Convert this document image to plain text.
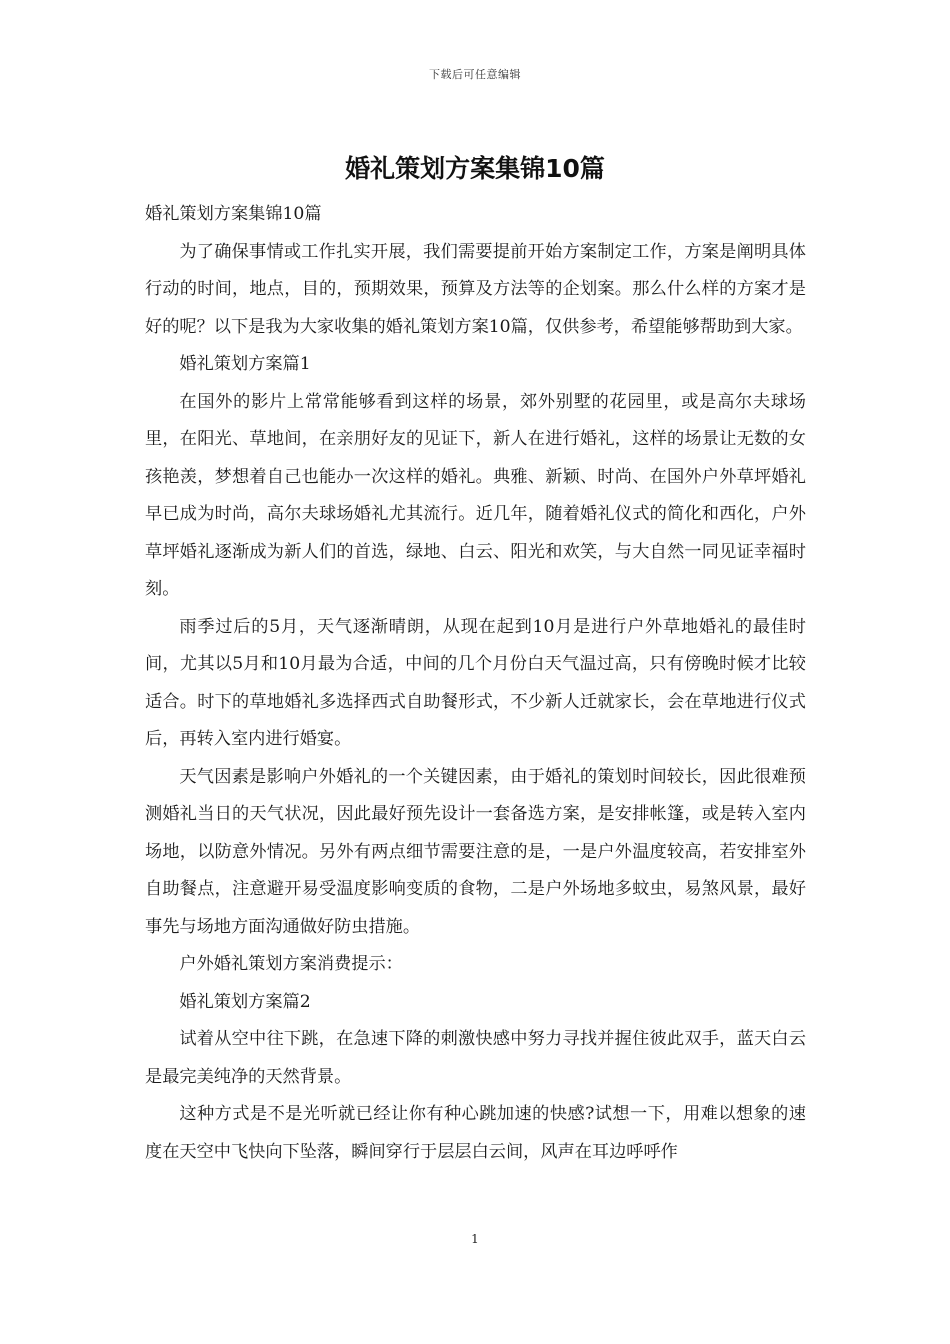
下载后可任意编辑
婚礼策划方案集锦10篇

婚礼策划方案集锦10篇

为了确保事情或工作扎实开展，我们需要提前开始方案制定工作，方案是阐明具体行动的时间，地点，目的，预期效果，预算及方法等的企划案。那么什么样的方案才是好的呢？以下是我为大家收集的婚礼策划方案10篇，仅供参考，希望能够帮助到大家。

婚礼策划方案篇1

在国外的影片上常常能够看到这样的场景，郊外别墅的花园里，或是高尔夫球场里，在阳光、草地间，在亲朋好友的见证下，新人在进行婚礼，这样的场景让无数的女孩艳羡，梦想着自己也能办一次这样的婚礼。典雅、新颖、时尚、在国外户外草坪婚礼早已成为时尚，高尔夫球场婚礼尤其流行。近几年，随着婚礼仪式的简化和西化，户外草坪婚礼逐渐成为新人们的首选，绿地、白云、阳光和欢笑，与大自然一同见证幸福时刻。

雨季过后的5月，天气逐渐晴朗，从现在起到10月是进行户外草地婚礼的最佳时间，尤其以5月和10月最为合适，中间的几个月份白天气温过高，只有傍晚时候才比较适合。时下的草地婚礼多选择西式自助餐形式，不少新人迁就家长，会在草地进行仪式后，再转入室内进行婚宴。

天气因素是影响户外婚礼的一个关键因素，由于婚礼的策划时间较长，因此很难预测婚礼当日的天气状况，因此最好预先设计一套备选方案，是安排帐篷，或是转入室内场地，以防意外情况。另外有两点细节需要注意的是，一是户外温度较高，若安排室外自助餐点，注意避开易受温度影响变质的食物，二是户外场地多蚊虫，易煞风景，最好事先与场地方面沟通做好防虫措施。

户外婚礼策划方案消费提示：

婚礼策划方案篇2

试着从空中往下跳，在急速下降的刺激快感中努力寻找并握住彼此双手，蓝天白云是最完美纯净的天然背景。

这种方式是不是光听就已经让你有种心跳加速的快感?试想一下，用难以想象的速度在天空中飞快向下坠落，瞬间穿行于层层白云间，风声在耳边呼呼作

1
